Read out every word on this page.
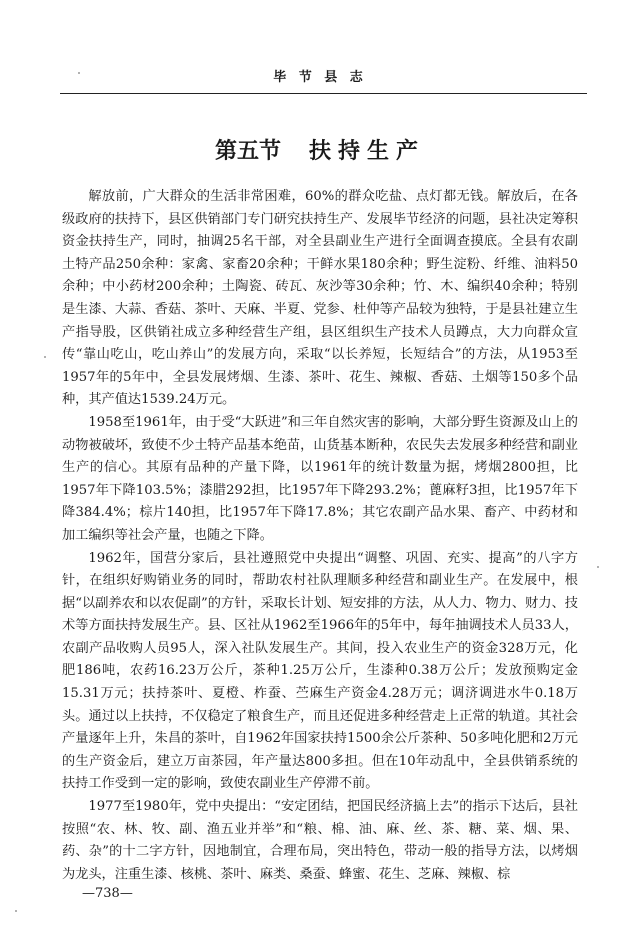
毕 节 县 志
第五节 扶持生产

解放前，广大群众的生活非常困难，60%的群众吃盐、点灯都无钱。解放后，在各级政府的扶持下，县区供销部门专门研究扶持生产、发展毕节经济的问题，县社决定筹积资金扶持生产，同时，抽调25名干部，对全县副业生产进行全面调查摸底。全县有农副土特产品250余种：家禽、家畜20余种；干鲜水果180余种；野生淀粉、纤维、油料50余种；中小药材200余种；土陶瓷、砖瓦、灰沙等30余种；竹、木、编织40余种；特别是生漆、大蒜、香菇、茶叶、天麻、半夏、党参、杜仲等产品较为独特，于是县社建立生产指导股，区供销社成立多种经营生产组，县区组织生产技术人员蹲点，大力向群众宣传“靠山吃山，吃山养山”的发展方向，采取“以长养短，长短结合”的方法，从1953至1957年的5年中，全县发展烤烟、生漆、茶叶、花生、辣椒、香菇、土烟等150多个品种，其产值达1539.24万元。

1958至1961年，由于受“大跃进”和三年自然灾害的影响，大部分野生资源及山上的动物被破坏，致使不少土特产品基本绝苗，山货基本断种，农民失去发展多种经营和副业生产的信心。其原有品种的产量下降，以1961年的统计数量为据，烤烟2800担，比1957年下降103.5%；漆腊292担，比1957年下降293.2%；蓖麻籽3担，比1957年下降384.4%；棕片140担，比1957年下降17.8%；其它农副产品水果、畜产、中药材和加工编织等社会产量，也随之下降。

1962年，国营分家后，县社遵照党中央提出“调整、巩固、充实、提高”的八字方针，在组织好购销业务的同时，帮助农村社队理顺多种经营和副业生产。在发展中，根据“以副养农和以农促副”的方针，采取长计划、短安排的方法，从人力、物力、财力、技术等方面扶持发展生产。县、区社从1962至1966年的5年中，每年抽调技术人员33人，农副产品收购人员95人，深入社队发展生产。其间，投入农业生产的资金328万元，化肥186吨，农药16.23万公斤，茶种1.25万公斤，生漆种0.38万公斤；发放预购定金15.31万元；扶持茶叶、夏橙、柞蚕、苎麻生产资金4.28万元；调济调进水牛0.18万头。通过以上扶持，不仅稳定了粮食生产，而且还促进多种经营走上正常的轨道。其社会产量逐年上升，朱昌的茶叶，自1962年国家扶持1500余公斤茶种、50多吨化肥和2万元的生产资金后，建立万亩茶园，年产量达800多担。但在10年动乱中，全县供销系统的扶持工作受到一定的影响，致使农副业生产停滞不前。

1977至1980年，党中央提出：“安定团结，把国民经济搞上去”的指示下达后，县社按照“农、林、牧、副、渔五业并举”和“粮、棉、油、麻、丝、茶、糖、菜、烟、果、药、杂”的十二字方针，因地制宜，合理布局，突出特色，带动一般的指导方法，以烤烟为龙头，注重生漆、核桃、茶叶、麻类、桑蚕、蜂蜜、花生、芝麻、辣椒、棕

—738—
